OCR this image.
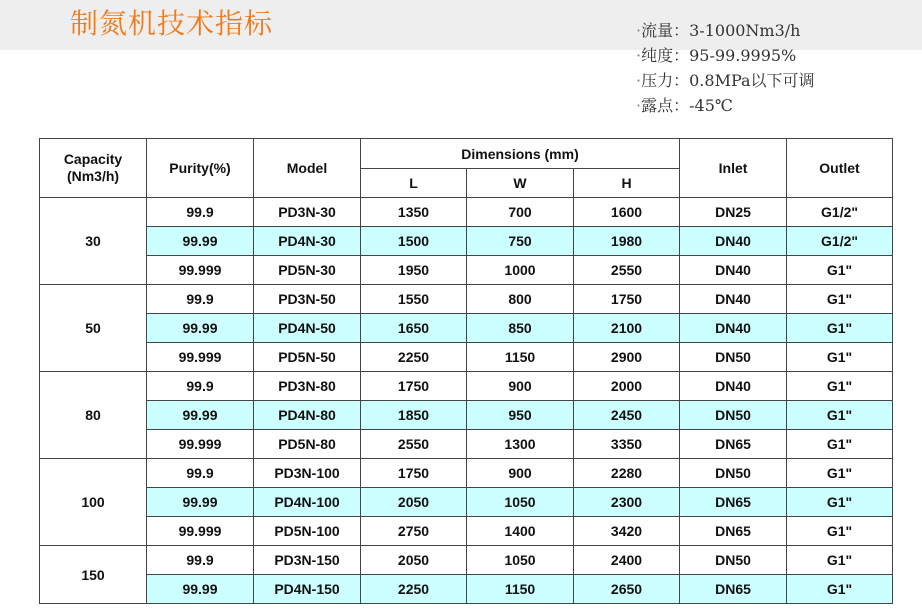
制氮机技术指标	·流量：3-1000Nm3/h
·纯度：95-99.9995%
·压力：0.8MPa以下可调
·露点：-45℃
Capacity (Nm3/h)	Purity(%)	Model	Dimensions (mm)			Inlet	Outlet
			L	W	H		
30	99.9	PD3N-30	1350	700	1600	DN25	G1/2"
	99.99	PD4N-30	1500	750	1980	DN40	G1/2"
	99.999	PD5N-30	1950	1000	2550	DN40	G1"
50	99.9	PD3N-50	1550	800	1750	DN40	G1"
	99.99	PD4N-50	1650	850	2100	DN40	G1"
	99.999	PD5N-50	2250	1150	2900	DN50	G1"
80	99.9	PD3N-80	1750	900	2000	DN40	G1"
	99.99	PD4N-80	1850	950	2450	DN50	G1"
	99.999	PD5N-80	2550	1300	3350	DN65	G1"
100	99.9	PD3N-100	1750	900	2280	DN50	G1"
	99.99	PD4N-100	2050	1050	2300	DN65	G1"
	99.999	PD5N-100	2750	1400	3420	DN65	G1"
150	99.9	PD3N-150	2050	1050	2400	DN50	G1"
	99.99	PD4N-150	2250	1150	2650	DN65	G1"
